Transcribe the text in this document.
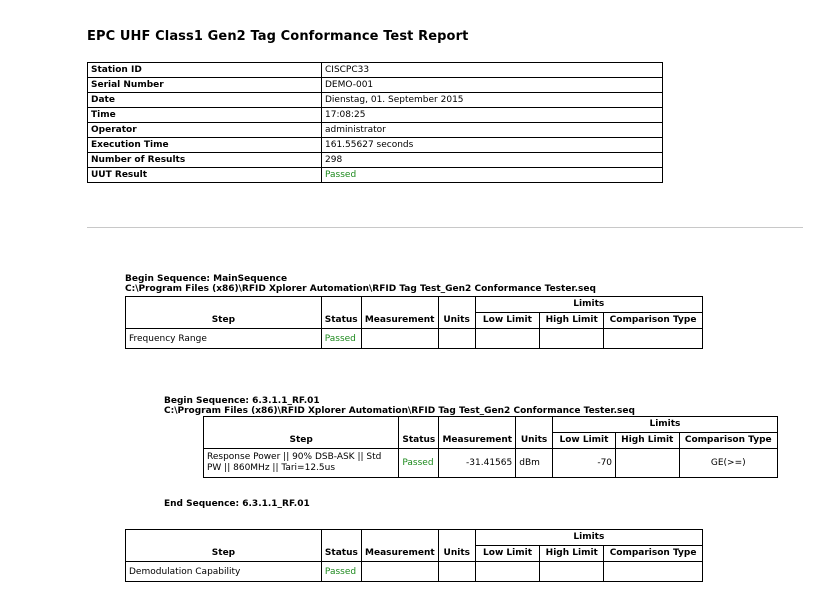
EPC UHF Class1 Gen2 Tag Conformance Test Report
Station ID	CISCPC33
Serial Number	DEMO-001
Date	Dienstag, 01. September 2015
Time	17:08:25
Operator	administrator
Execution Time	161.55627 seconds
Number of Results	298
UUT Result	Passed
Begin Sequence: MainSequence
C:\Program Files (x86)\RFID Xplorer Automation\RFID Tag Test_Gen2 Conformance Tester.seq
				Limits		
Step	Status	Measurement	Units	Low Limit	High Limit	Comparison Type
Frequency Range	Passed					
Begin Sequence: 6.3.1.1_RF.01
C:\Program Files (x86)\RFID Xplorer Automation\RFID Tag Test_Gen2 Conformance Tester.seq
				Limits		
Step	Status	Measurement	Units	Low Limit	High Limit	Comparison Type

Response Power || 90% DSB-ASK || Std
PW || 860MHz || Tari=12.5us	Passed	-31.41565	dBm	-70		GE(>=)
End Sequence: 6.3.1.1_RF.01
				Limits		
Step	Status	Measurement	Units	Low Limit	High Limit	Comparison Type
Demodulation Capability	Passed					
